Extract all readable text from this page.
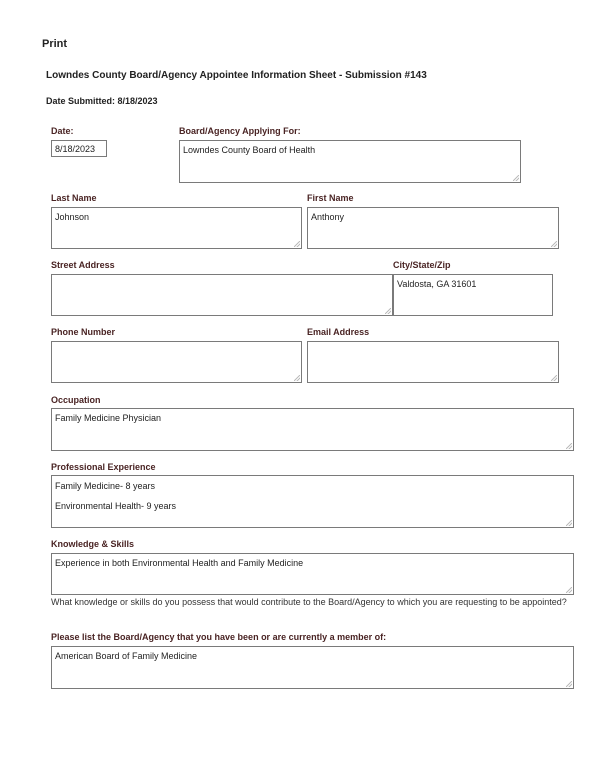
Print
Lowndes County Board/Agency Appointee Information Sheet - Submission #143
Date Submitted: 8/18/2023
Date:
8/18/2023
Board/Agency Applying For:
Lowndes County Board of Health
Last Name
Johnson
First Name
Anthony
Street Address	City/State/Zip
Valdosta, GA 31601
Phone Number	Email Address
Occupation
Family Medicine Physician
Professional Experience

Family Medicine- 8 years

Environmental Health- 9 years

Knowledge & Skills
Experience in both Environmental Health and Family Medicine
What knowledge or skills do you possess that would contribute to the Board/Agency to which you are requesting to be appointed?
Please list the Board/Agency that you have been or are currently a member of:
American Board of Family Medicine
